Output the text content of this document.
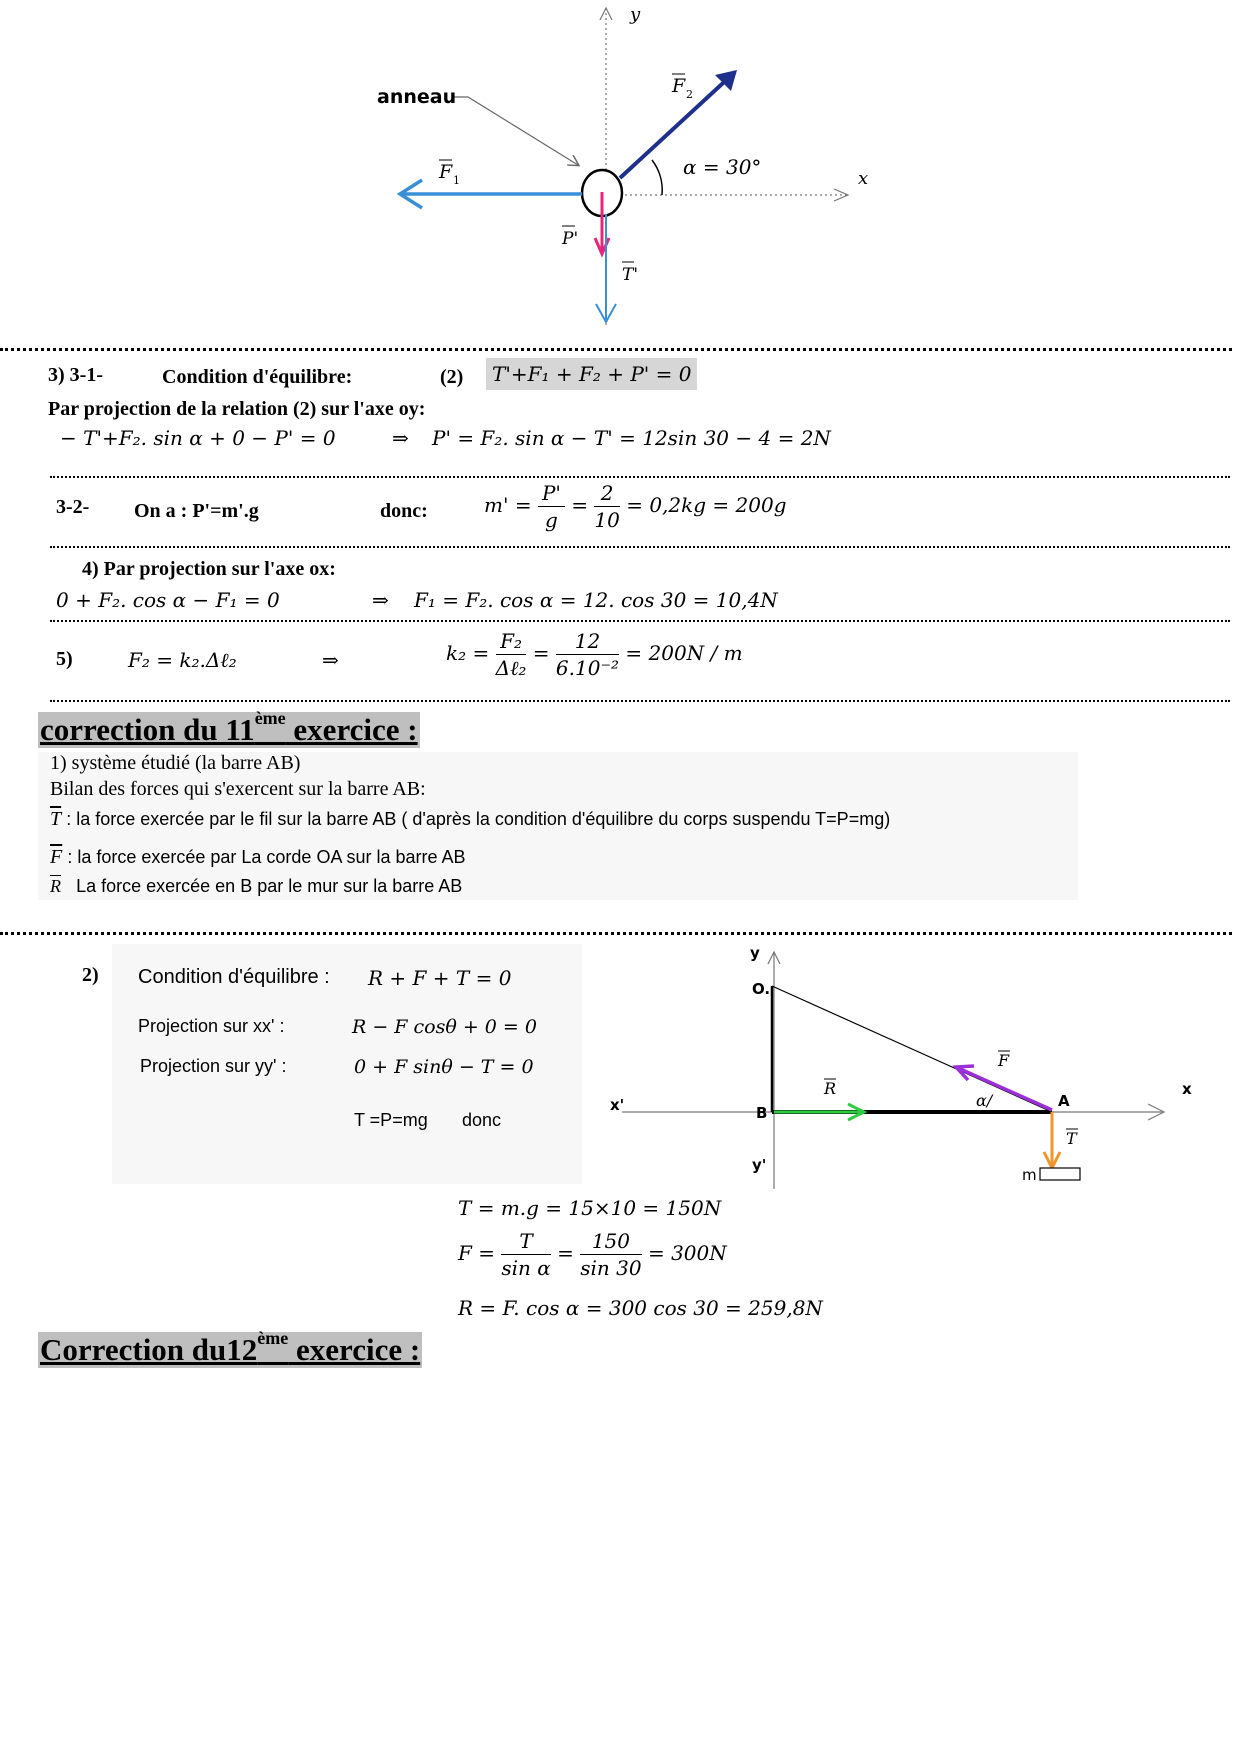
y
x
anneau
F 1
F 2
α = 30°
P'
T'
3) 3-1-	Condition d'équilibre:	(2)	T'+F₁ + F₂ + P' = 0
Par projection de la relation (2) sur l'axe oy:
− T'+F₂. sin α + 0 − P' = 0	⇒ P' = F₂. sin α − T' = 12sin 30 − 4 = 2N
3-2- On a : P'=m'.g	donc:	$m' = \frac{P'}{g} = \frac{2}{10} = 0,2kg = 200g$
4) Par projection sur l'axe ox:
0 + F₂. cos α − F₁ = 0	⇒ F₁ = F₂. cos α = 12. cos 30 = 10,4N
5)	F₂ = k₂.Δℓ₂	⇒	$k_2 = \frac{\text{F₂}}{\text{Δℓ₂}} = \frac{12}{\text{6.10⁻²}} = 200N / m$
correction du 11ème exercice :
1) système étudié (la barre AB)
Bilan des forces qui s'exercent sur la barre AB:
$\overline{T}$ : la force exercée par le fil sur la barre AB ( d'après la condition d'équilibre du corps suspendu T=P=mg)
$\overline{F}$ : la force exercée par La corde OA sur la barre AB
$\overline{R}$ La force exercée en B par le mur sur la barre AB
2) Condition d'équilibre : R + F + T = 0
Projection sur xx' :	R − F cosθ + 0 = 0
Projection sur yy' :	0 + F sinθ − T = 0
T =P=mg donc
y
O.
x
x'	B
y'
A
m
R
F
T
α/
T = m.g = 15×10 = 150N
$F = \frac{T}{\text{sin α}} = \frac{150}{\sin 30} = 300N$
R = F. cos α = 300 cos 30 = 259,8N
Correction du12ème exercice :
